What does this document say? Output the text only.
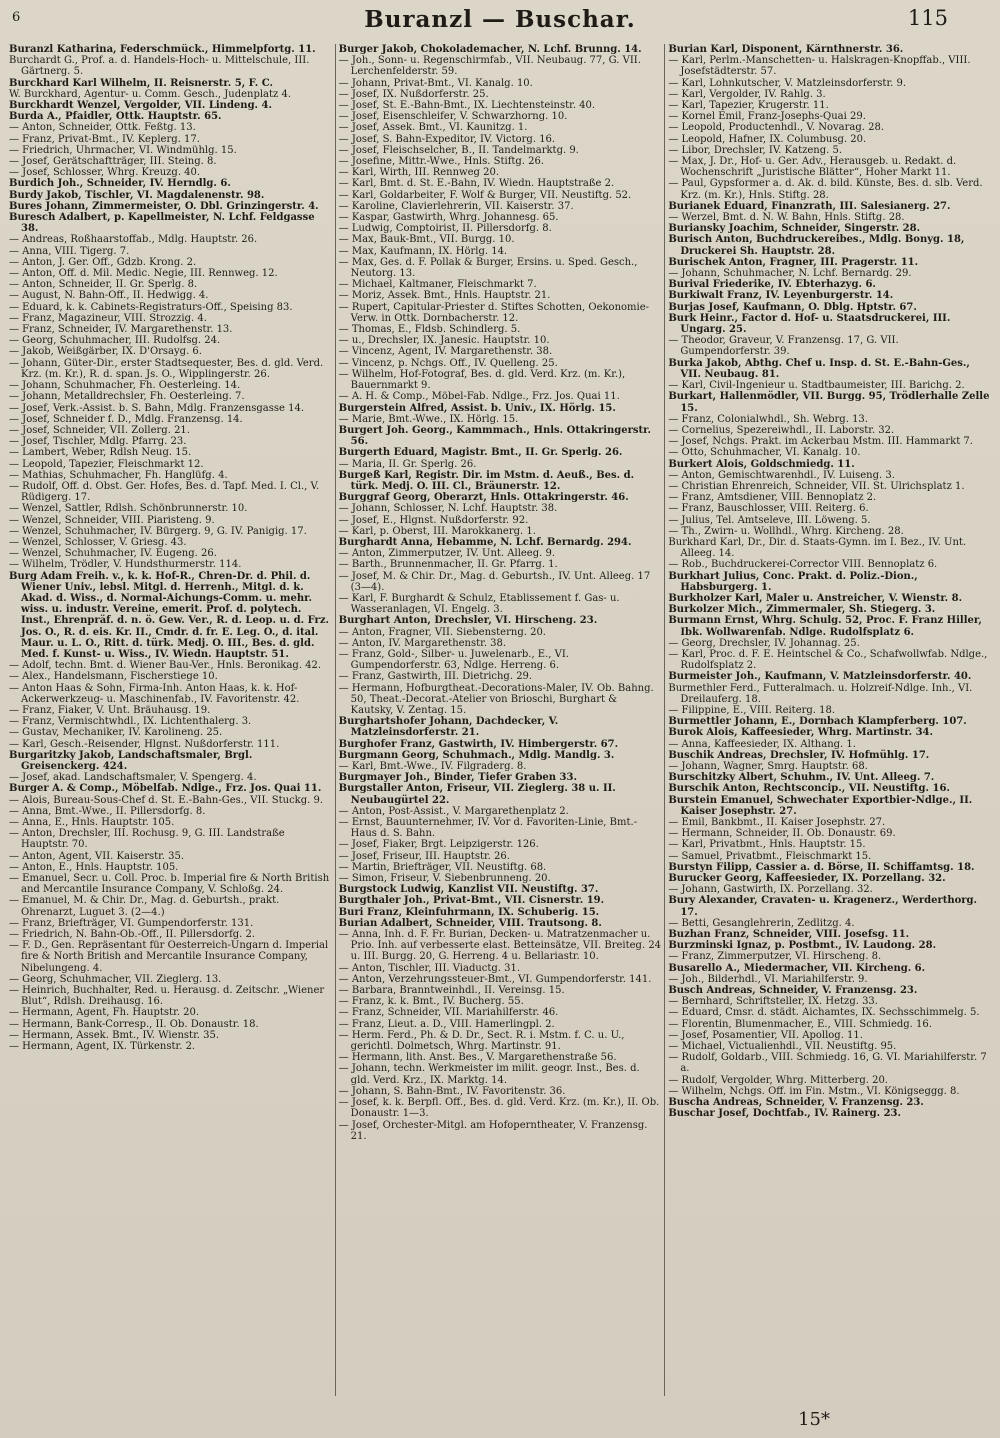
6	Buranzl — Buschar.	115

Buranzl Katharina, Federschmück., Himmelpfortg. 11.

Burchardt G., Prof. a. d. Handels-Hoch- u. Mittelschule, III. Gärtnerg. 5.

Burckhard Karl Wilhelm, II. Reisnerstr. 5, F. C.

W. Burckhard, Agentur- u. Comm. Gesch., Judenplatz 4.

Burckhardt Wenzel, Vergolder, VII. Lindeng. 4.

Burda A., Pfaidler, Ottk. Hauptstr. 65.

— Anton, Schneider, Ottk. Feßtg. 13.

— Franz, Privat-Bmt., IV. Keplerg. 17.

— Friedrich, Uhrmacher, VI. Windmühlg. 15.

— Josef, Gerätschaftträger, III. Steing. 8.

— Josef, Schlosser, Whrg. Kreuzg. 40.

Burdich Joh., Schneider, IV. Herndlg. 6.

Burdy Jakob, Tischler, VI. Magdalenenstr. 98.

Bures Johann, Zimmermeister, O. Dbl. Grinzingerstr. 4.

Buresch Adalbert, p. Kapellmeister, N. Lchf. Feldgasse 38.

— Andreas, Roßhaarstoffab., Mdlg. Hauptstr. 26.

— Anna, VIII. Tigerg. 7.

— Anton, J. Ger. Off., Gdzb. Krong. 2.

— Anton, Off. d. Mil. Medic. Negie, III. Rennweg. 12.

— Anton, Schneider, II. Gr. Sperlg. 8.

— August, N. Bahn-Off., II. Hedwigg. 4.

— Eduard, k. k. Cabinets-Registraturs-Off., Speising 83.

— Franz, Magazineur, VIII. Strozzig. 4.

— Franz, Schneider, IV. Margarethenstr. 13.

— Georg, Schuhmacher, III. Rudolfsg. 24.

— Jakob, Weißgärber, IX. D'Orsayg. 6.

— Johann, Güter-Dir., erster Stadtsequester, Bes. d. gld. Verd. Krz. (m. Kr.), R. d. span. Js. O., Wipplingerstr. 26.

— Johann, Schuhmacher, Fh. Oesterleing. 14.

— Johann, Metalldrechsler, Fh. Oesterleing. 7.

— Josef, Verk.-Assist. b. S. Bahn, Mdlg. Franzensgasse 14.

— Josef, Schneider f. D., Mdlg. Franzensg. 14.

— Josef, Schneider, VII. Zollerg. 21.

— Josef, Tischler, Mdlg. Pfarrg. 23.

— Lambert, Weber, Rdlsh Neug. 15.

— Leopold, Tapezier, Fleischmarkt 12.

— Mathias, Schuhmacher, Fh. Hanglüfg. 4.

— Rudolf, Off. d. Obst. Ger. Hofes, Bes. d. Tapf. Med. I. Cl., V. Rüdigerg. 17.

— Wenzel, Sattler, Rdlsh. Schönbrunnerstr. 10.

— Wenzel, Schneider, VIII. Piaristeng. 9.

— Wenzel, Schuhmacher, IV. Bürgerg. 9, G. IV. Panigig. 17.

— Wenzel, Schlosser, V. Griesg. 43.

— Wenzel, Schuhmacher, IV. Eugeng. 26.

— Wilhelm, Trödler, V. Hundsthurmerstr. 114.

Burg Adam Freih. v., k. k. Hof-R., Chren-Dr. d. Phil. d. Wiener Univ., lebsl. Mitgl. d. Herrenh., Mitgl. d. k. Akad. d. Wiss., d. Normal-Aichungs-Comm. u. mehr. wiss. u. industr. Vereine, emerit. Prof. d. polytech. Inst., Ehrenpräf. d. n. ö. Gew. Ver., R. d. Leop. u. d. Frz. Jos. O., R. d. eis. Kr. II., Cmdr. d. fr. E. Leg. O., d. ital. Maur. u. L. O., Ritt. d. türk. Medj. O. III., Bes. d. gld. Med. f. Kunst- u. Wiss., IV. Wiedn. Hauptstr. 51.

— Adolf, techn. Bmt. d. Wiener Bau-Ver., Hnls. Beronikag. 42.

— Alex., Handelsmann, Fischerstiege 10.

— Anton Haas & Sohn, Firma-Inh. Anton Haas, k. k. Hof-Ackerwerkzeug- u. Maschinenfab., IV. Favoritenstr. 42.

— Franz, Fiaker, V. Unt. Bräuhausg. 19.

— Franz, Vermischtwhdl., IX. Lichtenthalerg. 3.

— Gustav, Mechaniker, IV. Karolineng. 25.

— Karl, Gesch.-Reisender, Hlgnst. Nußdorferstr. 111.

Burgaritzky Jakob, Landschaftsmaler, Brgl. Greisenckerg. 424.

— Josef, akad. Landschaftsmaler, V. Spengerg. 4.

Burger A. & Comp., Möbelfab. Ndlge., Frz. Jos. Quai 11.

— Alois, Bureau-Sous-Chef d. St. E.-Bahn-Ges., VII. Stuckg. 9.

— Anna, Bmt.-Wwe., II. Pillersdorfg. 8.

— Anna, E., Hnls. Hauptstr. 105.

— Anton, Drechsler, III. Rochusg. 9, G. III. Landstraße Hauptstr. 70.

— Anton, Agent, VII. Kaiserstr. 35.

— Anton, E., Hnls. Hauptstr. 105.

— Emanuel, Secr. u. Coll. Proc. b. Imperial fire & North British and Mercantile Insurance Company, V. Schloßg. 24.

— Emanuel, M. & Chir. Dr., Mag. d. Geburtsh., prakt. Ohrenarzt, Luguet 3. (2—4.)

— Franz, Briefträger, VI. Gumpendorferstr. 131.

— Friedrich, N. Bahn-Ob.-Off., II. Pillersdorfg. 2.

— F. D., Gen. Repräsentant für Oesterreich-Ungarn d. Imperial fire & North British and Mercantile Insurance Company, Nibelungeng. 4.

— Georg, Schuhmacher, VII. Zieglerg. 13.

— Heinrich, Buchhalter, Red. u. Herausg. d. Zeitschr. „Wiener Blut“, Rdlsh. Dreihausg. 16.

— Hermann, Agent, Fh. Hauptstr. 20.

— Hermann, Bank-Corresp., II. Ob. Donaustr. 18.

— Hermann, Assek. Bmt., IV. Wienstr. 35.

— Hermann, Agent, IX. Türkenstr. 2.

Burger Jakob, Chokolademacher, N. Lchf. Brunng. 14.

— Joh., Sonn- u. Regenschirmfab., VII. Neubaug. 77, G. VII. Lerchenfelderstr. 59.

— Johann, Privat-Bmt., VI. Kanalg. 10.

— Josef, IX. Nußdorferstr. 25.

— Josef, St. E.-Bahn-Bmt., IX. Liechtensteinstr. 40.

— Josef, Eisenschleifer, V. Schwarzhorng. 10.

— Josef, Assek. Bmt., VI. Kaunitzg. 1.

— Josef, S. Bahn-Expeditor, IV. Victorg. 16.

— Josef, Fleischselcher, B., II. Tandelmarktg. 9.

— Josefine, Mittr.-Wwe., Hnls. Stiftg. 26.

— Karl, Wirth, III. Rennweg 20.

— Karl, Bmt. d. St. E.-Bahn, IV. Wiedn. Hauptstraße 2.

— Karl, Goldarbeiter, F. Wolf & Burger, VII. Neustiftg. 52.

— Karoline, Clavierlehrerin, VII. Kaiserstr. 37.

— Kaspar, Gastwirth, Whrg. Johannesg. 65.

— Ludwig, Comptoirist, II. Pillersdorfg. 8.

— Max, Bauk-Bmt., VII. Burgg. 10.

— Max, Kaufmann, IX. Hörlg. 14.

— Max, Ges. d. F. Pollak & Burger, Ersins. u. Sped. Gesch., Neutorg. 13.

— Michael, Kaltmaner, Fleischmarkt 7.

— Moriz, Assek. Bmt., Hnls. Hauptstr. 21.

— Rupert, Capitular-Priester d. Stiftes Schotten, Oekonomie-Verw. in Ottk. Dornbacherstr. 12.

— Thomas, E., Fldsb. Schindlerg. 5.

— u., Drechsler, IX. Janesic. Hauptstr. 10.

— Vincenz, Agent, IV. Margarethenstr. 38.

— Vincenz, p. Nchgs. Off., IV. Quelleng. 25.

— Wilhelm, Hof-Fotograf, Bes. d. gld. Verd. Krz. (m. Kr.), Bauernmarkt 9.

— A. H. & Comp., Möbel-Fab. Ndlge., Frz. Jos. Quai 11.

Burgerstein Alfred, Assist. b. Univ., IX. Hörlg. 15.

— Marie, Bmt.-Wwe., IX. Hörlg. 15.

Burgert Joh. Georg., Kammmach., Hnls. Ottakringerstr. 56.

Burgerth Eduard, Magistr. Bmt., II. Gr. Sperlg. 26.

— Maria, II. Gr. Sperlg. 26.

Burgeß Karl, Registr. Dir. im Mstm. d. Aeuß., Bes. d. türk. Medj. O. III. Cl., Bräunerstr. 12.

Burggraf Georg, Oberarzt, Hnls. Ottakringerstr. 46.

— Johann, Schlosser, N. Lchf. Hauptstr. 38.

— Josef, E., Hlgnst. Nußdorferstr. 92.

— Karl, p. Oberst, III. Marokkanerg. 1.

Burghardt Anna, Hebamme, N. Lchf. Bernardg. 294.

— Anton, Zimmerputzer, IV. Unt. Alleeg. 9.

— Barth., Brunnenmacher, II. Gr. Pfarrg. 1.

— Josef, M. & Chir. Dr., Mag. d. Geburtsh., IV. Unt. Alleeg. 17 (3—4).

— Karl, F. Burghardt & Schulz, Etablissement f. Gas- u. Wasseranlagen, VI. Engelg. 3.

Burghart Anton, Drechsler, VI. Hirscheng. 23.

— Anton, Fragner, VII. Siebensterng. 20.

— Anton, IV. Margarethenstr. 38.

— Franz, Gold-, Silber- u. Juwelenarb., E., VI. Gumpendorferstr. 63, Ndlge. Herreng. 6.

— Franz, Gastwirth, III. Dietrichg. 29.

— Hermann, Hofburgtheat.-Decorations-Maler, IV. Ob. Bahng. 50, Theat.-Decorat.-Atelier von Brioschi, Burghart & Kautsky, V. Zentag. 15.

Burghartshofer Johann, Dachdecker, V. Matzleinsdorferstr. 21.

Burghofer Franz, Gastwirth, IV. Himbergerstr. 67.

Burgmann Georg, Schuhmach., Mdlg. Mandlg. 3.

— Karl, Bmt.-Wwe., IV. Filgraderg. 8.

Burgmayer Joh., Binder, Tiefer Graben 33.

Burgstaller Anton, Friseur, VII. Zieglerg. 38 u. II. Neubaugürtel 22.

— Anton, Post-Assist., V. Margarethenplatz 2.

— Ernst, Bauunternehmer, IV. Vor d. Favoriten-Linie, Bmt.-Haus d. S. Bahn.

— Josef, Fiaker, Brgt. Leipzigerstr. 126.

— Josef, Friseur, III. Hauptstr. 26.

— Martin, Briefträger, VII. Neustiftg. 68.

— Simon, Friseur, V. Siebenbrunneng. 20.

Burgstock Ludwig, Kanzlist VII. Neustiftg. 37.

Burgthaler Joh., Privat-Bmt., VII. Cisnerstr. 19.

Buri Franz, Kleinfuhrmann, IX. Schuberig. 15.

Burian Adalbert, Schneider, VIII. Trautsong. 8.

— Anna, Inh. d. F. Fr. Burian, Decken- u. Matratzenmacher u. Prio. Inh. auf verbesserte elast. Betteinsätze, VII. Breiteg. 24 u. III. Burgg. 20, G. Herreng. 4 u. Bellariastr. 10.

— Anton, Tischler, III. Viaductg. 31.

— Anton, Verzehrungssteuer-Bmt., VI. Gumpendorferstr. 141.

— Barbara, Branntweinhdl., II. Vereinsg. 15.

— Franz, k. k. Bmt., IV. Bucherg. 55.

— Franz, Schneider, VII. Mariahilferstr. 46.

— Franz, Lieut. a. D., VIII. Hamerlingpl. 2.

— Herm. Ferd., Ph. & D. Dr., Sect. R. i. Mstm. f. C. u. U., gerichtl. Dolmetsch, Whrg. Martinstr. 91.

— Hermann, lith. Anst. Bes., V. Margarethenstraße 56.

— Johann, techn. Werkmeister im milit. geogr. Inst., Bes. d. gld. Verd. Krz., IX. Marktg. 14.

— Johann, S. Bahn-Bmt., IV. Favoritenstr. 36.

— Josef, k. k. Berpfl. Off., Bes. d. gld. Verd. Krz. (m. Kr.), II. Ob. Donaustr. 1—3.

— Josef, Orchester-Mitgl. am Hofoperntheater, V. Franzensg. 21.

Burian Karl, Disponent, Kärnthnerstr. 36.

— Karl, Perlm.-Manschetten- u. Halskragen-Knopffab., VIII. Josefstädterstr. 57.

— Karl, Lohnkutscher, V. Matzleinsdorferstr. 9.

— Karl, Vergolder, IV. Rahlg. 3.

— Karl, Tapezier, Krugerstr. 11.

— Kornel Emil, Franz-Josephs-Quai 29.

— Leopold, Productenhdl., V. Novarag. 28.

— Leopold, Hafner, IX. Columbusg. 20.

— Libor, Drechsler, IV. Katzeng. 5.

— Max, J. Dr., Hof- u. Ger. Adv., Herausgeb. u. Redakt. d. Wochenschrift „Juristische Blätter“, Hoher Markt 11.

— Paul, Gypsformer a. d. Ak. d. bild. Künste, Bes. d. slb. Verd. Krz. (m. Kr.), Hnls. Stiftg. 28.

Burianek Eduard, Finanzrath, III. Salesianerg. 27.

— Werzel, Bmt. d. N. W. Bahn, Hnls. Stiftg. 28.

Buriansky Joachim, Schneider, Singerstr. 28.

Burisch Anton, Buchdruckereibes., Mdlg. Bonyg. 18, Druckerei Sh. Hauptstr. 28.

Burischek Anton, Fragner, III. Pragerstr. 11.

— Johann, Schuhmacher, N. Lchf. Bernardg. 29.

Burival Friederike, IV. Ebterhazyg. 6.

Burkiwalt Franz, IV. Leyenburgerstr. 14.

Burjas Josef, Kaufmann, O. Dblg. Hptstr. 67.

Burk Heinr., Factor d. Hof- u. Staatsdruckerei, III. Ungarg. 25.

— Theodor, Graveur, V. Franzensg. 17, G. VII. Gumpendorferstr. 39.

Burka Jakob, Abthg. Chef u. Insp. d. St. E.-Bahn-Ges., VII. Neubaug. 81.

— Karl, Civil-Ingenieur u. Stadtbaumeister, III. Barichg. 2.

Burkart, Hallenmödler, VII. Burgg. 95, Trödlerhalle Zelle 15.

— Franz, Colonialwhdl., Sh. Webrg. 13.

— Cornelius, Spezereiwhdl., II. Laborstr. 32.

— Josef, Nchgs. Prakt. im Ackerbau Mstm. III. Hammarkt 7.

— Otto, Schuhmacher, VI. Kanalg. 10.

Burkert Alois, Goldschmiedg. 11.

— Anton, Gemischtwarenhdl., IV. Luiseng. 3.

— Christian Ehrenreich, Schneider, VII. St. Ulrichsplatz 1.

— Franz, Amtsdiener, VIII. Bennoplatz 2.

— Franz, Bauschlosser, VIII. Reiterg. 6.

— Julius, Tel. Amtseleve, III. Löweng. 5.

— Th., Zwirn- u. Wollhdl., Whrg. Kircheng. 28.

Burkhard Karl, Dr., Dir. d. Staats-Gymn. im I. Bez., IV. Unt. Alleeg. 14.

— Rob., Buchdruckerei-Corrector VIII. Bennoplatz 6.

Burkhart Julius, Conc. Prakt. d. Poliz.-Dion., Habsburgerg. 1.

Burkholzer Karl, Maler u. Anstreicher, V. Wienstr. 8.

Burkolzer Mich., Zimmermaler, Sh. Stiegerg. 3.

Burmann Ernst, Whrg. Schulg. 52, Proc. F. Franz Hiller, Ibk. Wollwarenfab. Ndlge. Rudolfsplatz 6.

— Georg, Drechsler, IV. Johannag. 25.

— Karl, Proc. d. F. E. Heintschel & Co., Schafwollwfab. Ndlge., Rudolfsplatz 2.

Burmeister Joh., Kaufmann, V. Matzleinsdorferstr. 40.

Burmethler Ferd., Futteralmach. u. Holzreif-Ndlge. Inh., VI. Dreilauferg. 18.

— Filippine, E., VIII. Reiterg. 18.

Burmettler Johann, E., Dornbach Klampferberg. 107.

Burok Alois, Kaffeesieder, Whrg. Martinstr. 34.

— Anna, Kaffeesieder, IX. Althang. 1.

Buschik Andreas, Drechsler, IV. Hofmühlg. 17.

— Johann, Wagner, Smrg. Hauptstr. 68.

Burschitzky Albert, Schuhm., IV. Unt. Alleeg. 7.

Burschik Anton, Rechtsconcip., VII. Neustiftg. 16.

Burstein Emanuel, Schwechater Exportbier-Ndlge., II. Kaiser Josephstr. 27.

— Emil, Bankbmt., II. Kaiser Josephstr. 27.

— Hermann, Schneider, II. Ob. Donaustr. 69.

— Karl, Privatbmt., Hnls. Hauptstr. 15.

— Samuel, Privatbmt., Fleischmarkt 15.

Burstyn Filipp, Cassier a. d. Börse, II. Schiffamtsg. 18.

Burucker Georg, Kaffeesieder, IX. Porzellang. 32.

— Johann, Gastwirth, IX. Porzellang. 32.

Bury Alexander, Cravaten- u. Kragenerz., Werderthorg. 17.

— Betti, Gesanglehrerin, Zedlitzg. 4.

Buzhan Franz, Schneider, VIII. Josefsg. 11.

Burzminski Ignaz, p. Postbmt., IV. Laudong. 28.

— Franz, Zimmerputzer, VI. Hirscheng. 8.

Busarello A., Miedermacher, VII. Kircheng. 6.

— Joh., Bilderhdl., VI. Mariahilferstr. 9.

Busch Andreas, Schneider, V. Franzensg. 23.

— Bernhard, Schriftsteller, IX. Hetzg. 33.

— Eduard, Cmsr. d. städt. Aichamtes, IX. Sechsschimmelg. 5.

— Florentin, Blumenmacher, E., VIII. Schmiedg. 16.

— Josef, Posamentier, VII. Apollog. 11.

— Michael, Victualienhdl., VII. Neustiftg. 95.

— Rudolf, Goldarb., VIII. Schmiedg. 16, G. VI. Mariahilferstr. 7 a.

— Rudolf, Vergolder, Whrg. Mitterberg. 20.

— Wilhelm, Nchgs. Off. im Fin. Mstm., VI. Königseggg. 8.

Buscha Andreas, Schneider, V. Franzensg. 23.

Buschar Josef, Dochtfab., IV. Rainerg. 23.

15*
